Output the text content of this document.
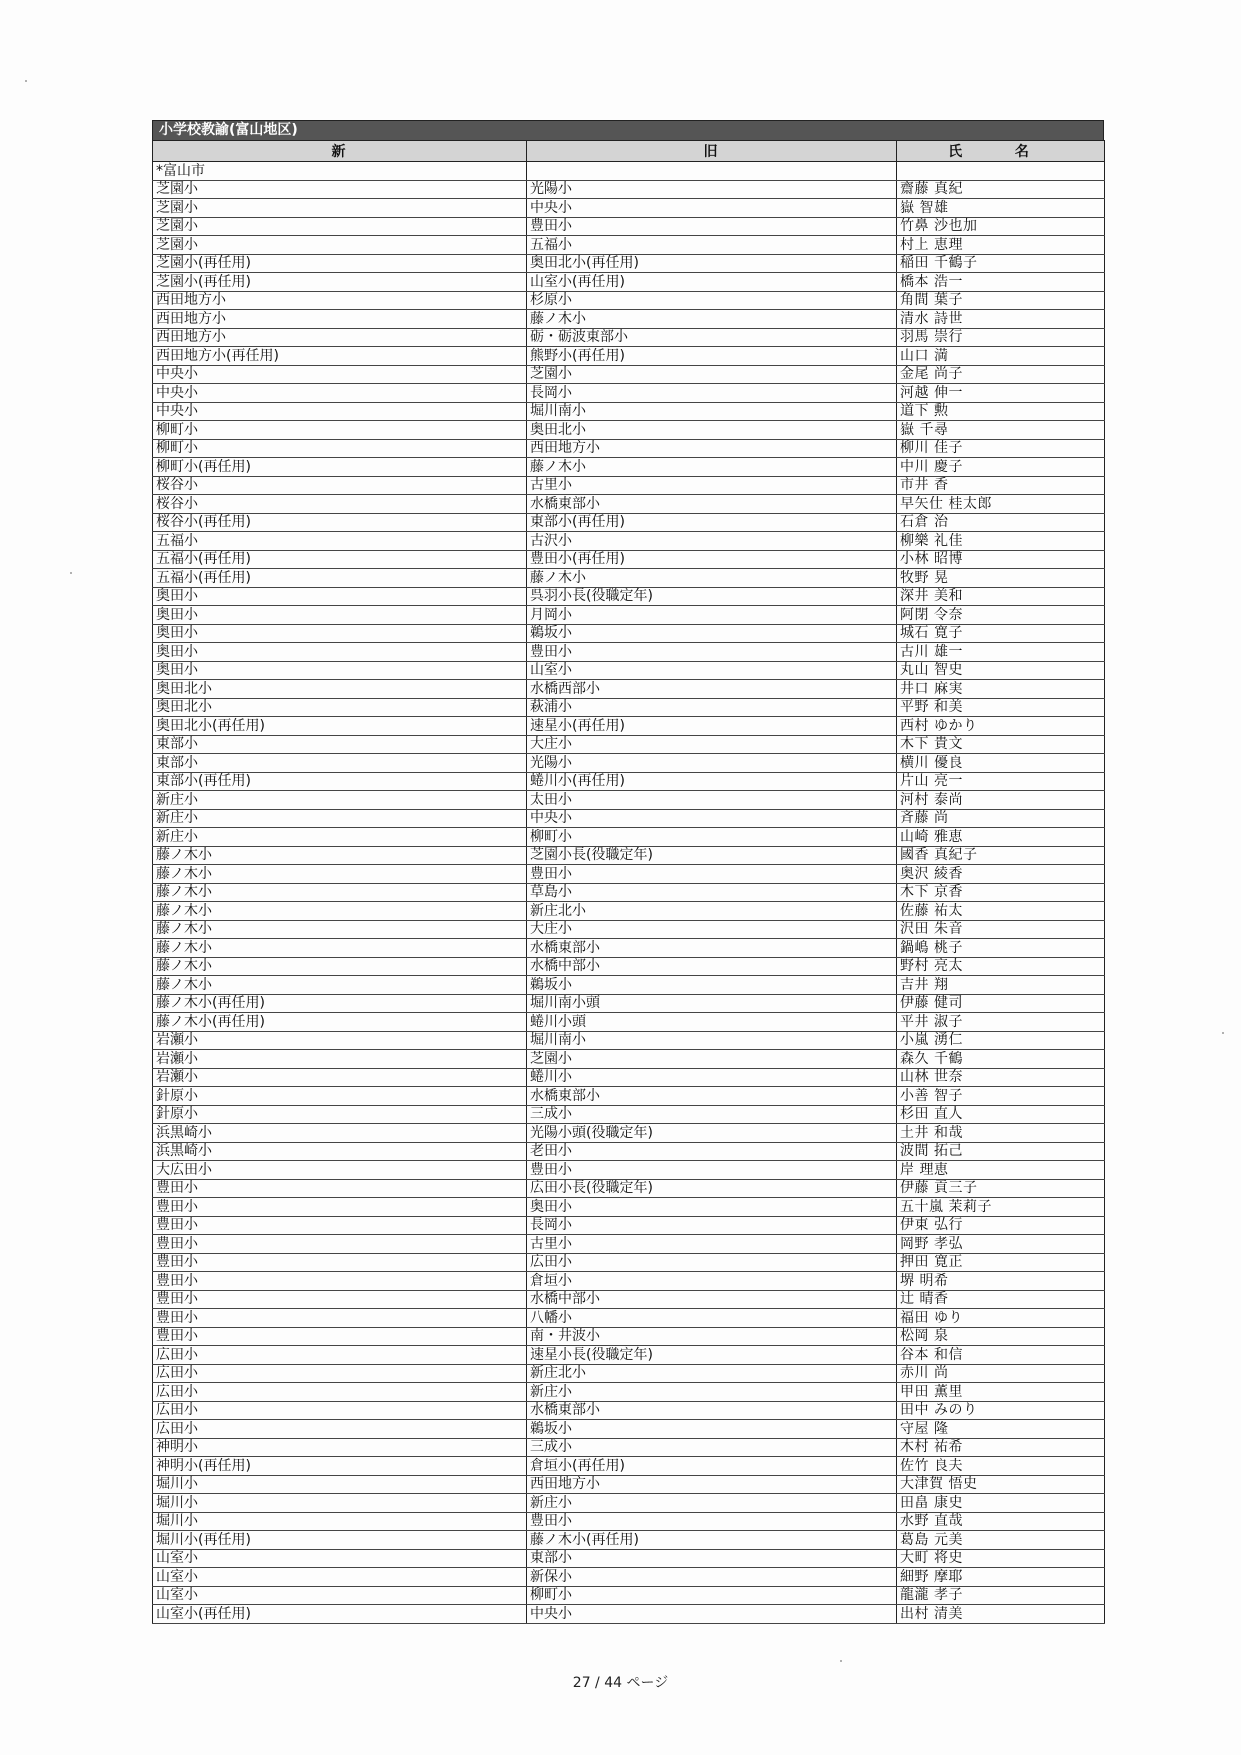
小学校教諭(富山地区)
新	旧	氏 名
*富山市		
芝園小	光陽小	齋藤 真紀
芝園小	中央小	嶽 智雄
芝園小	豊田小	竹鼻 沙也加
芝園小	五福小	村上 恵理
芝園小(再任用)	奥田北小(再任用)	稲田 千鶴子
芝園小(再任用)	山室小(再任用)	橋本 浩一
西田地方小	杉原小	角間 葉子
西田地方小	藤ノ木小	清水 詩世
西田地方小	砺・砺波東部小	羽馬 崇行
西田地方小(再任用)	熊野小(再任用)	山口 満
中央小	芝園小	金尾 尚子
中央小	長岡小	河越 伸一
中央小	堀川南小	道下 勲
柳町小	奥田北小	嶽 千尋
柳町小	西田地方小	柳川 佳子
柳町小(再任用)	藤ノ木小	中川 慶子
桜谷小	古里小	市井 香
桜谷小	水橋東部小	早矢仕 桂太郎
桜谷小(再任用)	東部小(再任用)	石倉 治
五福小	古沢小	柳樂 礼佳
五福小(再任用)	豊田小(再任用)	小林 昭博
五福小(再任用)	藤ノ木小	牧野 晃
奥田小	呉羽小長(役職定年)	深井 美和
奥田小	月岡小	阿閉 令奈
奥田小	鵜坂小	城石 寛子
奥田小	豊田小	古川 雄一
奥田小	山室小	丸山 智史
奥田北小	水橋西部小	井口 麻実
奥田北小	萩浦小	平野 和美
奥田北小(再任用)	速星小(再任用)	西村 ゆかり
東部小	大庄小	木下 貴文
東部小	光陽小	横川 優良
東部小(再任用)	蜷川小(再任用)	片山 亮一
新庄小	太田小	河村 泰尚
新庄小	中央小	斉藤 尚
新庄小	柳町小	山崎 雅恵
藤ノ木小	芝園小長(役職定年)	國香 真紀子
藤ノ木小	豊田小	奥沢 綾香
藤ノ木小	草島小	木下 京香
藤ノ木小	新庄北小	佐藤 祐太
藤ノ木小	大庄小	沢田 朱音
藤ノ木小	水橋東部小	鍋嶋 桃子
藤ノ木小	水橋中部小	野村 亮太
藤ノ木小	鵜坂小	吉井 翔
藤ノ木小(再任用)	堀川南小頭	伊藤 健司
藤ノ木小(再任用)	蜷川小頭	平井 淑子
岩瀬小	堀川南小	小嵐 湧仁
岩瀬小	芝園小	森久 千鶴
岩瀬小	蜷川小	山林 世奈
針原小	水橋東部小	小善 智子
針原小	三成小	杉田 直人
浜黒崎小	光陽小頭(役職定年)	土井 和哉
浜黒崎小	老田小	波間 拓己
大広田小	豊田小	岸 理恵
豊田小	広田小長(役職定年)	伊藤 貢三子
豊田小	奥田小	五十嵐 茉莉子
豊田小	長岡小	伊東 弘行
豊田小	古里小	岡野 孝弘
豊田小	広田小	押田 寛正
豊田小	倉垣小	堺 明希
豊田小	水橋中部小	辻 晴香
豊田小	八幡小	福田 ゆり
豊田小	南・井波小	松岡 泉
広田小	速星小長(役職定年)	谷本 和信
広田小	新庄北小	赤川 尚
広田小	新庄小	甲田 薫里
広田小	水橋東部小	田中 みのり
広田小	鵜坂小	守屋 隆
神明小	三成小	木村 祐希
神明小(再任用)	倉垣小(再任用)	佐竹 良夫
堀川小	西田地方小	大津賀 悟史
堀川小	新庄小	田畠 康史
堀川小	豊田小	水野 直哉
堀川小(再任用)	藤ノ木小(再任用)	葛島 元美
山室小	東部小	大町 将史
山室小	新保小	細野 摩耶
山室小	柳町小	龍瀧 孝子
山室小(再任用)	中央小	出村 清美
27 / 44 ページ
